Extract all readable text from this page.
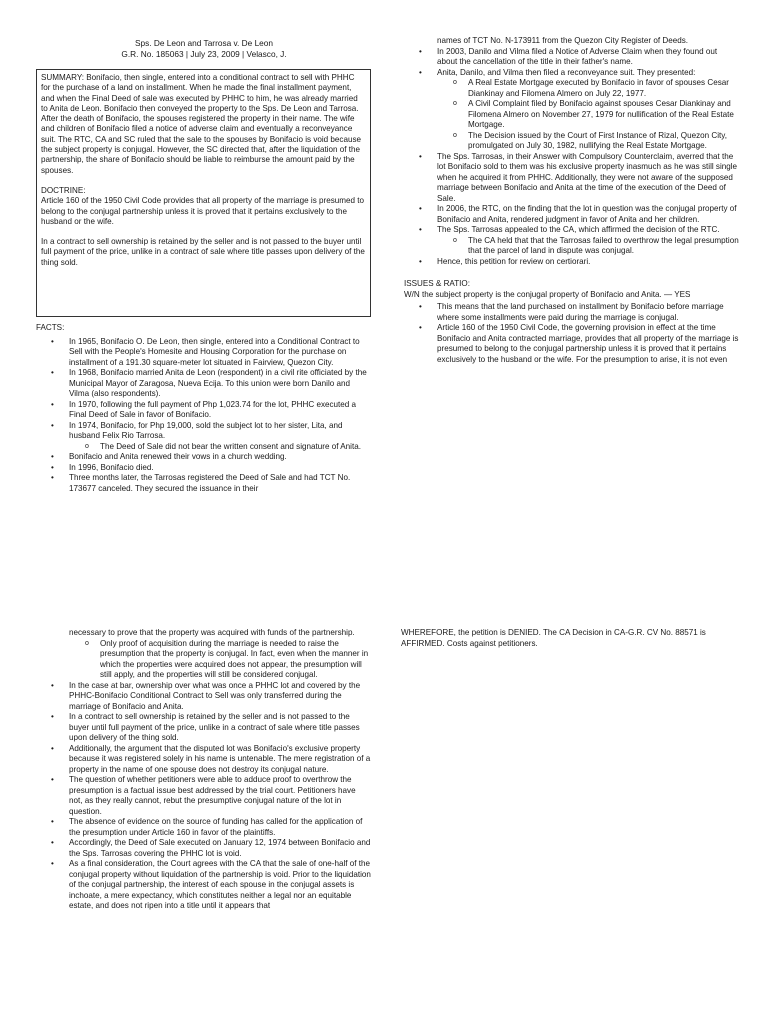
Sps. De Leon and Tarrosa v. De Leon
G.R. No. 185063 | July 23, 2009 | Velasco, J.

SUMMARY: Bonifacio, then single, entered into a conditional contract to sell with PHHC for the purchase of a land on installment. When he made the final installment payment, and when the Final Deed of sale was executed by PHHC to him, he was already married to Anita de Leon. Bonifacio then conveyed the property to the Sps. De Leon and Tarrosa. After the death of Bonifacio, the spouses registered the property in their name. The wife and children of Bonifacio filed a notice of adverse claim and eventually a reconveyance suit. The RTC, CA and SC ruled that the sale to the spouses by Bonifacio is void because the subject property is conjugal. However, the SC directed that, after the liquidation of the partnership, the share of Bonifacio should be liable to reimburse the amount paid by the spouses.

DOCTRINE:

Article 160 of the 1950 Civil Code provides that all property of the marriage is presumed to belong to the conjugal partnership unless it is proved that it pertains exclusively to the husband or the wife.

In a contract to sell ownership is retained by the seller and is not passed to the buyer until full payment of the price, unlike in a contract of sale where title passes upon delivery of the thing sold.

FACTS:

• In 1965, Bonifacio O. De Leon, then single, entered into a Conditional Contract to Sell with the People's Homesite and Housing Corporation for the purchase on installment of a 191.30 square-meter lot situated in Fairview, Quezon City.
• In 1968, Bonifacio married Anita de Leon (respondent) in a civil rite officiated by the Municipal Mayor of Zaragosa, Nueva Ecija. To this union were born Danilo and Vilma (also respondents).
• In 1970, following the full payment of Php 1,023.74 for the lot, PHHC executed a Final Deed of Sale in favor of Bonifacio.
• In 1974, Bonifacio, for Php 19,000, sold the subject lot to her sister, Lita, and husband Felix Rio Tarrosa.
o The Deed of Sale did not bear the written consent and signature of Anita.
• Bonifacio and Anita renewed their vows in a church wedding.
• In 1996, Bonifacio died.
• Three months later, the Tarrosas registered the Deed of Sale and had TCT No. 173677 canceled. They secured the issuance in their
names of TCT No. N-173911 from the Quezon City Register of Deeds.
• In 2003, Danilo and Vilma filed a Notice of Adverse Claim when they found out about the cancellation of the title in their father's name.
• Anita, Danilo, and Vilma then filed a reconveyance suit. They presented:
o A Real Estate Mortgage executed by Bonifacio in favor of spouses Cesar Diankinay and Filomena Almero on July 22, 1977.
o A Civil Complaint filed by Bonifacio against spouses Cesar Diankinay and Filomena Almero on November 27, 1979 for nullification of the Real Estate Mortgage.
o The Decision issued by the Court of First Instance of Rizal, Quezon City, promulgated on July 30, 1982, nullifying the Real Estate Mortgage.
• The Sps. Tarrosas, in their Answer with Compulsory Counterclaim, averred that the lot Bonifacio sold to them was his exclusive property inasmuch as he was still single when he acquired it from PHHC. Additionally, they were not aware of the supposed marriage between Bonifacio and Anita at the time of the execution of the Deed of Sale.
• In 2006, the RTC, on the finding that the lot in question was the conjugal property of Bonifacio and Anita, rendered judgment in favor of Anita and her children.
• The Sps. Tarrosas appealed to the CA, which affirmed the decision of the RTC.
o The CA held that that the Tarrosas failed to overthrow the legal presumption that the parcel of land in dispute was conjugal.
• Hence, this petition for review on certiorari.

ISSUES & RATIO:

W/N the subject property is the conjugal property of Bonifacio and Anita. — YES

• This means that the land purchased on installment by Bonifacio before marriage where some installments were paid during the marriage is conjugal.
• Article 160 of the 1950 Civil Code, the governing provision in effect at the time Bonifacio and Anita contracted marriage, provides that all property of the marriage is presumed to belong to the conjugal partnership unless it is proved that it pertains exclusively to the husband or the wife. For the presumption to arise, it is not even
necessary to prove that the property was acquired with funds of the partnership.
o Only proof of acquisition during the marriage is needed to raise the presumption that the property is conjugal. In fact, even when the manner in which the properties were acquired does not appear, the presumption will still apply, and the properties will still be considered conjugal.
• In the case at bar, ownership over what was once a PHHC lot and covered by the PHHC-Bonifacio Conditional Contract to Sell was only transferred during the marriage of Bonifacio and Anita.
• In a contract to sell ownership is retained by the seller and is not passed to the buyer until full payment of the price, unlike in a contract of sale where title passes upon delivery of the thing sold.
• Additionally, the argument that the disputed lot was Bonifacio's exclusive property because it was registered solely in his name is untenable. The mere registration of a property in the name of one spouse does not destroy its conjugal nature.
• The question of whether petitioners were able to adduce proof to overthrow the presumption is a factual issue best addressed by the trial court. Petitioners have not, as they really cannot, rebut the presumptive conjugal nature of the lot in question.
• The absence of evidence on the source of funding has called for the application of the presumption under Article 160 in favor of the plaintiffs.
• Accordingly, the Deed of Sale executed on January 12, 1974 between Bonifacio and the Sps. Tarrosas covering the PHHC lot is void.
• As a final consideration, the Court agrees with the CA that the sale of one-half of the conjugal property without liquidation of the partnership is void. Prior to the liquidation of the conjugal partnership, the interest of each spouse in the conjugal assets is inchoate, a mere expectancy, which constitutes neither a legal nor an equitable estate, and does not ripen into a title until it appears that

WHEREFORE, the petition is DENIED. The CA Decision in CA-G.R. CV No. 88571 is AFFIRMED. Costs against petitioners.
